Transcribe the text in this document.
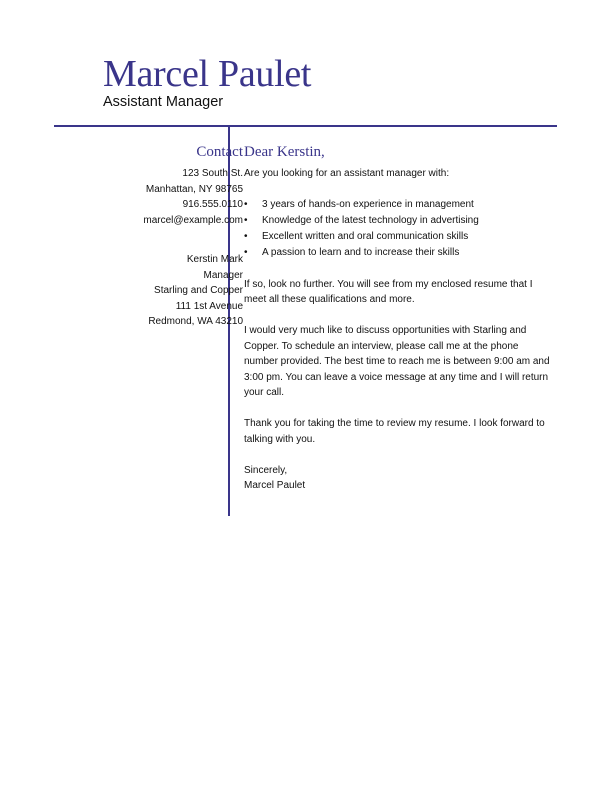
Marcel Paulet
Assistant Manager
Contact
123 South St.
Manhattan, NY 98765
916.555.0110
marcel@example.com
Kerstin Mark
Manager
Starling and Copper
111 1st Avenue
Redmond, WA 43210
Dear Kerstin,

Are you looking for an assistant manager with:

• 3 years of hands-on experience in management
• Knowledge of the latest technology in advertising
• Excellent written and oral communication skills
• A passion to learn and to increase their skills

If so, look no further. You will see from my enclosed resume that I meet all these qualifications and more.

I would very much like to discuss opportunities with Starling and Copper. To schedule an interview, please call me at the phone number provided. The best time to reach me is between 9:00 am and 3:00 pm. You can leave a voice message at any time and I will return your call.

Thank you for taking the time to review my resume. I look forward to talking with you.

Sincerely,
Marcel Paulet
